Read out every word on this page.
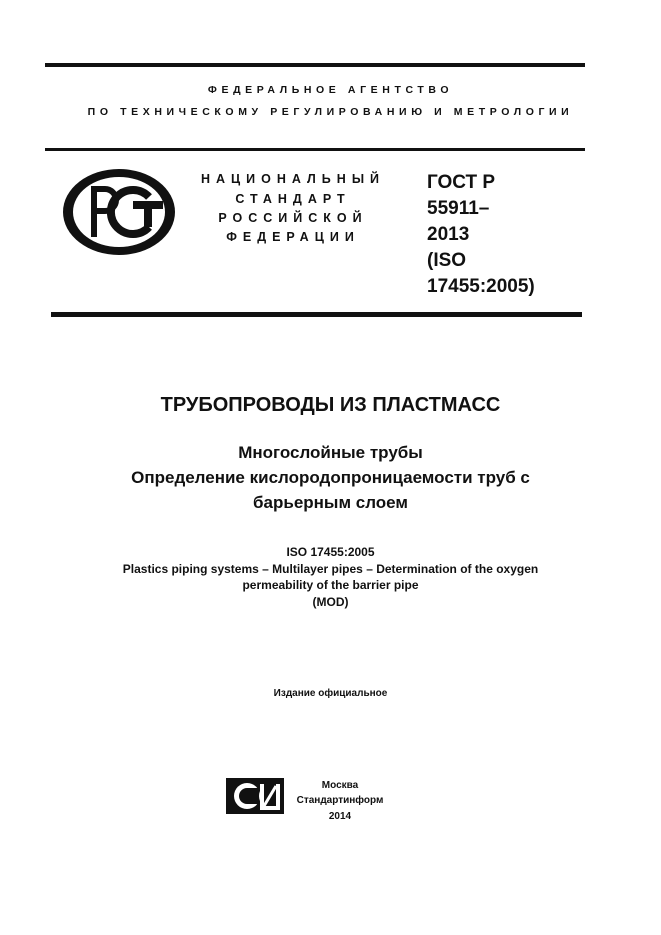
ФЕДЕРАЛЬНОЕ АГЕНТСТВО
ПО ТЕХНИЧЕСКОМУ РЕГУЛИРОВАНИЮ И МЕТРОЛОГИИ
НАЦИОНАЛЬНЫЙ
СТАНДАРТ
РОССИЙСКОЙ
ФЕДЕРАЦИИ
ГОСТ Р
55911–
2013
(ISO
17455:2005)
ТРУБОПРОВОДЫ ИЗ ПЛАСТМАСС
Многослойные трубы
Определение кислородопроницаемости труб с
барьерным слоем
ISO 17455:2005
Plastics piping systems – Multilayer pipes – Determination of the oxygen
permeability of the barrier pipe
(MOD)
Издание официальное
Москва
Стандартинформ
2014
